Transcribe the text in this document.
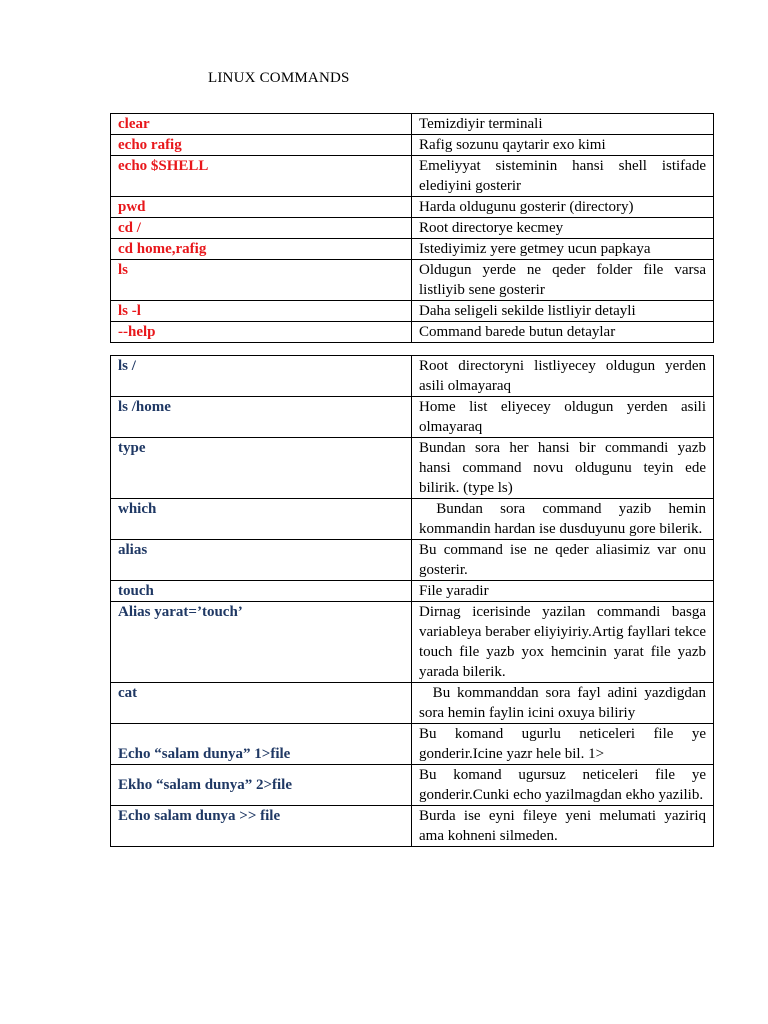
LINUX COMMANDS
clear	Temizdiyir terminali
echo rafig	Rafig sozunu qaytarir exo kimi
echo $SHELL	Emeliyyat sisteminin hansi shell istifade elediyini gosterir
pwd	Harda oldugunu gosterir (directory)
cd /	Root directorye kecmey
cd home,rafig	Istediyimiz yere getmey ucun papkaya
ls	Oldugun yerde ne qeder folder file varsa listliyib sene gosterir
ls -l	Daha seligeli sekilde listliyir detayli
--help	Command barede butun detaylar
ls /	Root directoryni listliyecey oldugun yerden asili olmayaraq
ls /home	Home list eliyecey oldugun yerden asili olmayaraq
type	Bundan sora her hansi bir commandi yazb hansi command novu oldugunu teyin ede bilirik. (type ls)
which	Bundan sora command yazib hemin kommandin hardan ise dusduyunu gore bilerik.
alias	Bu command ise ne qeder aliasimiz var onu gosterir.
touch	File yaradir
Alias yarat=’touch’	Dirnag icerisinde yazilan commandi basga variableya beraber eliyiyiriy.Artig fayllari tekce touch file yazb yox hemcinin yarat file yazb yarada bilerik.
cat	Bu kommanddan sora fayl adini yazdigdan sora hemin faylin icini oxuya biliriy
Echo “salam dunya” 1>file	Bu komand ugurlu neticeleri file ye gonderir.Icine yazr hele bil. 1>
Ekho “salam dunya” 2>file	Bu komand ugursuz neticeleri file ye gonderir.Cunki echo yazilmagdan ekho yazilib.
Echo salam dunya >> file	Burda ise eyni fileye yeni melumati yaziriq ama kohneni silmeden.
